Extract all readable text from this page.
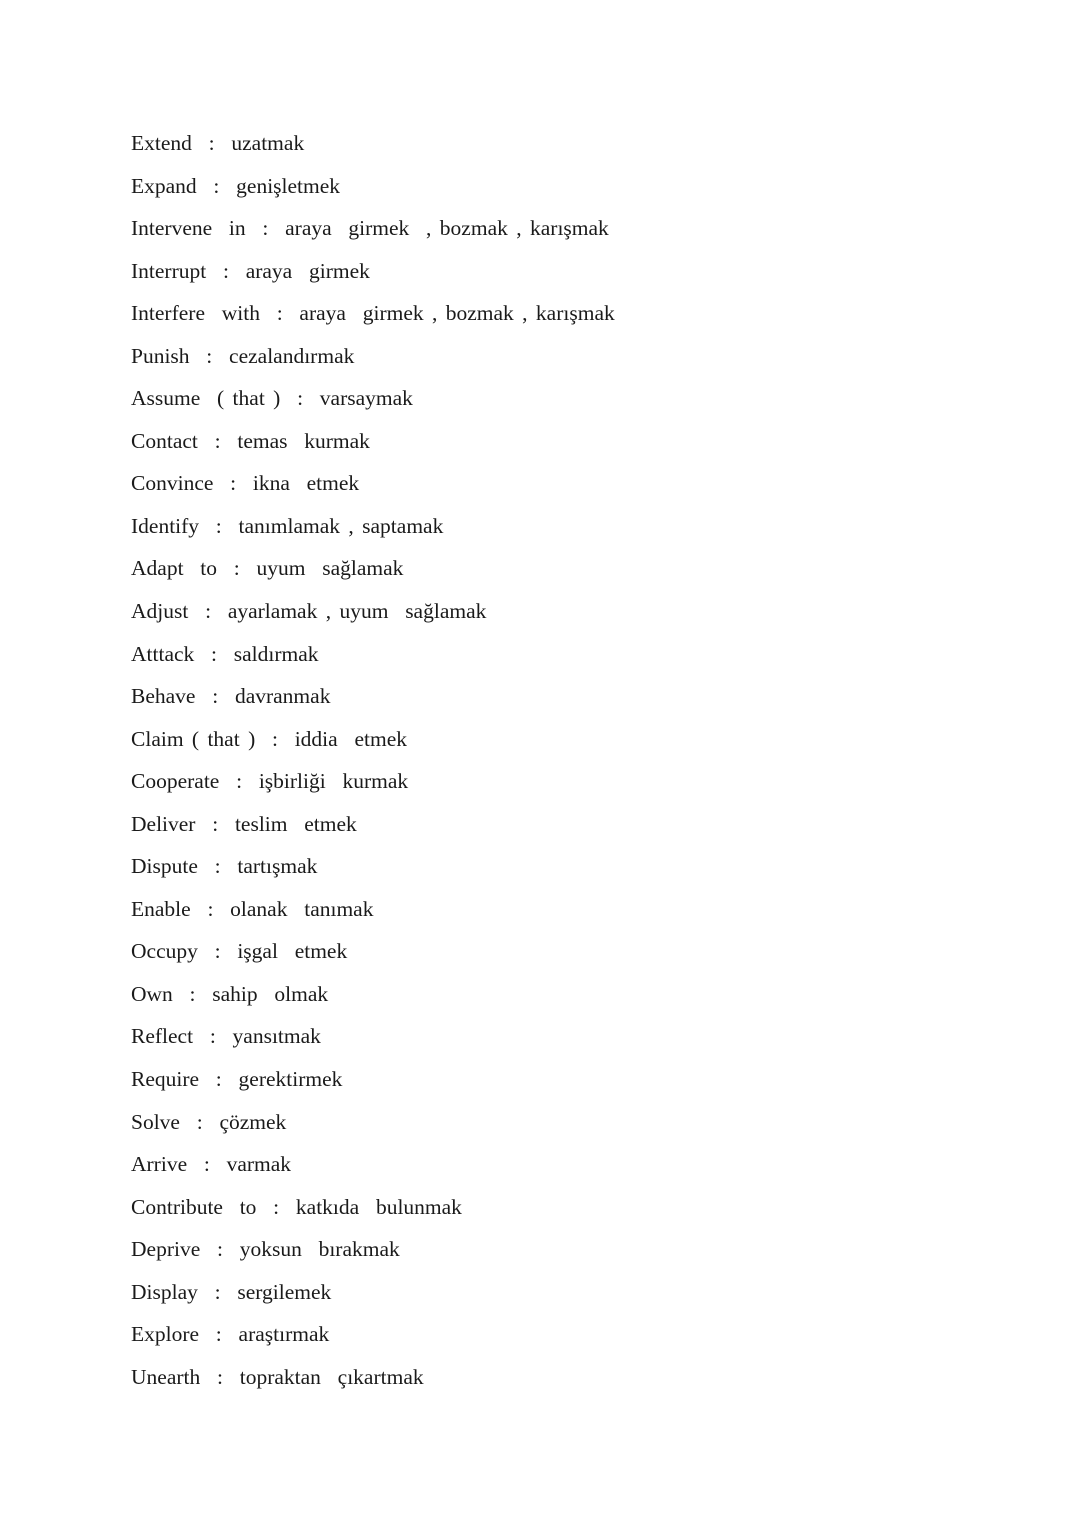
Extend  :  uzatmak
Expand  :  genişletmek
Intervene  in  :  araya  girmek  , bozmak , karışmak
Interrupt  :  araya  girmek
Interfere  with  :  araya  girmek , bozmak , karışmak
Punish  :  cezalandırmak
Assume  ( that )  :  varsaymak
Contact  :  temas  kurmak
Convince  :  ikna  etmek
Identify  :  tanımlamak , saptamak
Adapt  to  :  uyum  sağlamak
Adjust  :  ayarlamak , uyum  sağlamak
Atttack  :  saldırmak
Behave  :  davranmak
Claim ( that )  :  iddia  etmek
Cooperate  :  işbirliği  kurmak
Deliver  :  teslim  etmek
Dispute  :  tartışmak
Enable  :  olanak  tanımak
Occupy  :  işgal  etmek
Own  :  sahip  olmak
Reflect  :  yansıtmak
Require  :  gerektirmek
Solve  :  çözmek
Arrive  :  varmak
Contribute  to  :  katkıda  bulunmak
Deprive  :  yoksun  bırakmak
Display  :  sergilemek
Explore  :  araştırmak
Unearth  :  topraktan  çıkartmak
